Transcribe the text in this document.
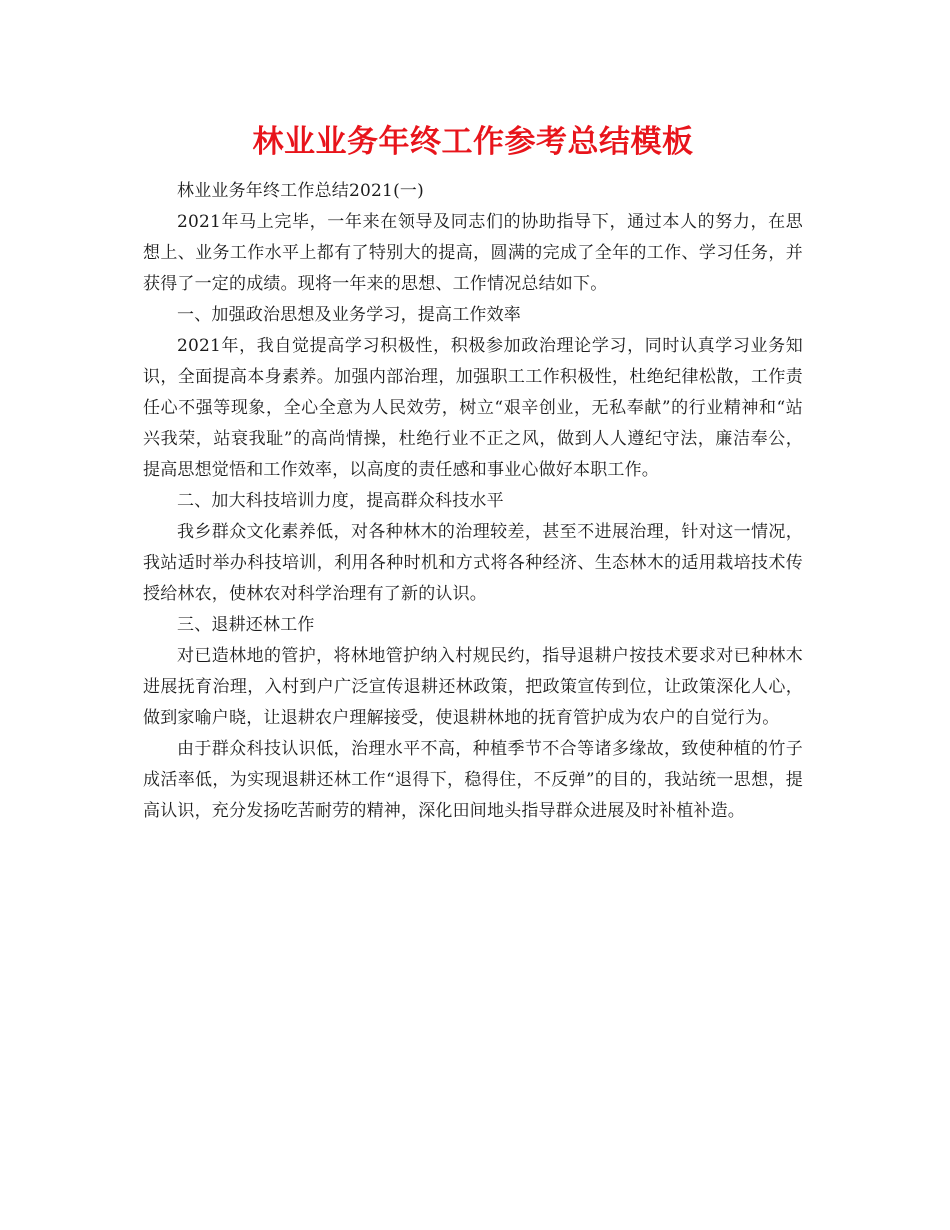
林业业务年终工作参考总结模板

林业业务年终工作总结2021(一)

2021年马上完毕，一年来在领导及同志们的协助指导下，通过本人的努力，在思想上、业务工作水平上都有了特别大的提高，圆满的完成了全年的工作、学习任务，并获得了一定的成绩。现将一年来的思想、工作情况总结如下。

一、加强政治思想及业务学习，提高工作效率

2021年，我自觉提高学习积极性，积极参加政治理论学习，同时认真学习业务知识，全面提高本身素养。加强内部治理，加强职工工作积极性，杜绝纪律松散，工作责任心不强等现象，全心全意为人民效劳，树立“艰辛创业，无私奉献”的行业精神和“站兴我荣，站衰我耻”的高尚情操，杜绝行业不正之风，做到人人遵纪守法，廉洁奉公，提高思想觉悟和工作效率，以高度的责任感和事业心做好本职工作。

二、加大科技培训力度，提高群众科技水平

我乡群众文化素养低，对各种林木的治理较差，甚至不进展治理，针对这一情况，我站适时举办科技培训，利用各种时机和方式将各种经济、生态林木的适用栽培技术传授给林农，使林农对科学治理有了新的认识。

三、退耕还林工作

对已造林地的管护，将林地管护纳入村规民约，指导退耕户按技术要求对已种林木进展抚育治理，入村到户广泛宣传退耕还林政策，把政策宣传到位，让政策深化人心，做到家喻户晓，让退耕农户理解接受，使退耕林地的抚育管护成为农户的自觉行为。

由于群众科技认识低，治理水平不高，种植季节不合等诸多缘故，致使种植的竹子成活率低，为实现退耕还林工作“退得下，稳得住，不反弹”的目的，我站统一思想，提高认识，充分发扬吃苦耐劳的精神，深化田间地头指导群众进展及时补植补造。
